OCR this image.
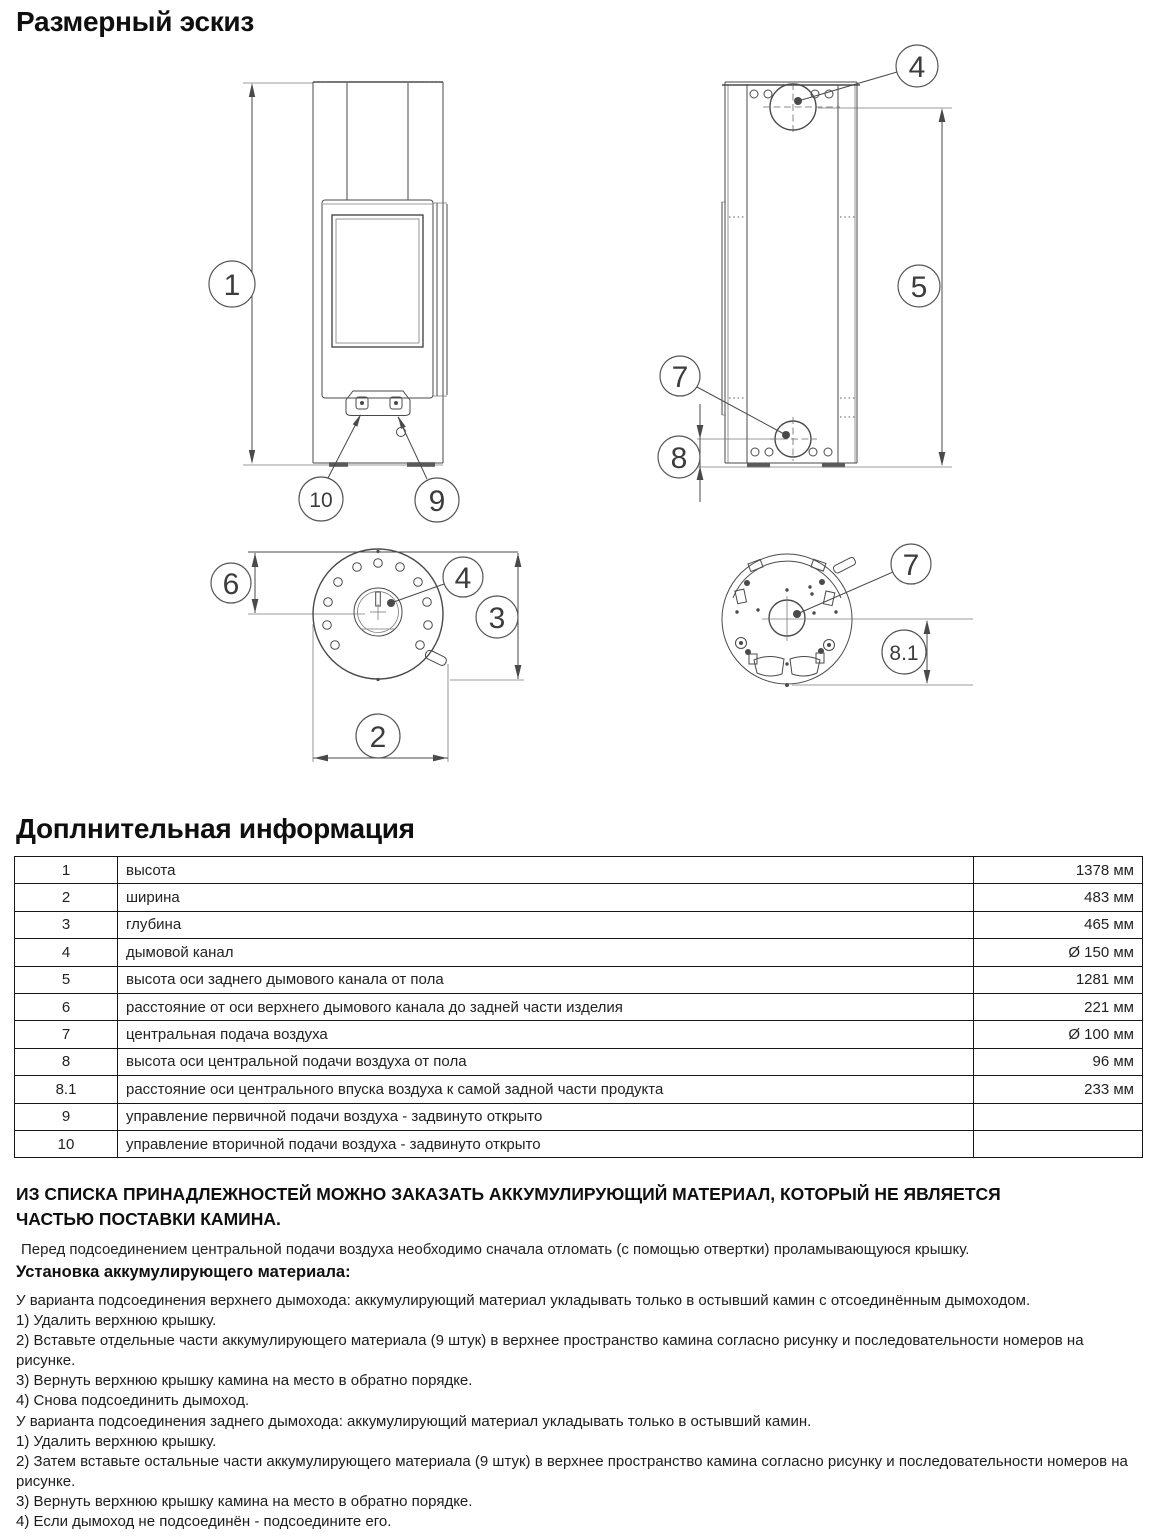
Размерный эскиз
1
10	9
4
5
7
8
6	4
3
2
7
8.1
Доплнительная информация
1	высота	1378 мм
2	ширина	483 мм
3	глубина	465 мм
4	дымовой канал	Ø 150 мм
5	высота оси заднего дымового канала от пола	1281 мм
6	расстояние от оси верхнего дымового канала до задней части изделия	221 мм
7	центральная подача воздуха	Ø 100 мм
8	высота оси центральной подачи воздуха от пола	96 мм
8.1	расстояние оси центрального впуска воздуха к самой задной части продукта	233 мм
9	управление первичной подачи воздуха - задвинуто открыто	
10	управление вторичной подачи воздуха - задвинуто открыто	
ИЗ СПИСКА ПРИНАДЛЕЖНОСТЕЙ МОЖНО ЗАКАЗАТЬ АККУМУЛИРУЮЩИЙ МАТЕРИАЛ, КОТОРЫЙ НЕ ЯВЛЯЕТСЯ ЧАСТЬЮ ПОСТАВКИ КАМИНА.
Перед подсоединением центральной подачи воздуха необходимо сначала отломать (с помощью отвертки) проламывающуюся крышку.
Установка аккумулирующего материала:
У варианта подсоединения верхнего дымохода: аккумулирующий материал укладывать только в остывший камин с отсоединённым дымоходом.
1) Удалить верхнюю крышку.
2) Вставьте отдельные части аккумулирующего материала (9 штук) в верхнее пространство камина согласно рисунку и последовательности номеров на рисунке.
3) Вернуть верхнюю крышку камина на место в обратно порядке.
4) Снова подсоединить дымоход.
У варианта подсоединения заднего дымохода: аккумулирующий материал укладывать только в остывший камин.
1) Удалить верхнюю крышку.
2) Затем вставьте остальные части аккумулирующего материала (9 штук) в верхнее пространство камина согласно рисунку и последовательности номеров на рисунке.
3) Вернуть верхнюю крышку камина на место в обратно порядке.
4) Если дымоход не подсоединён - подсоедините его.
